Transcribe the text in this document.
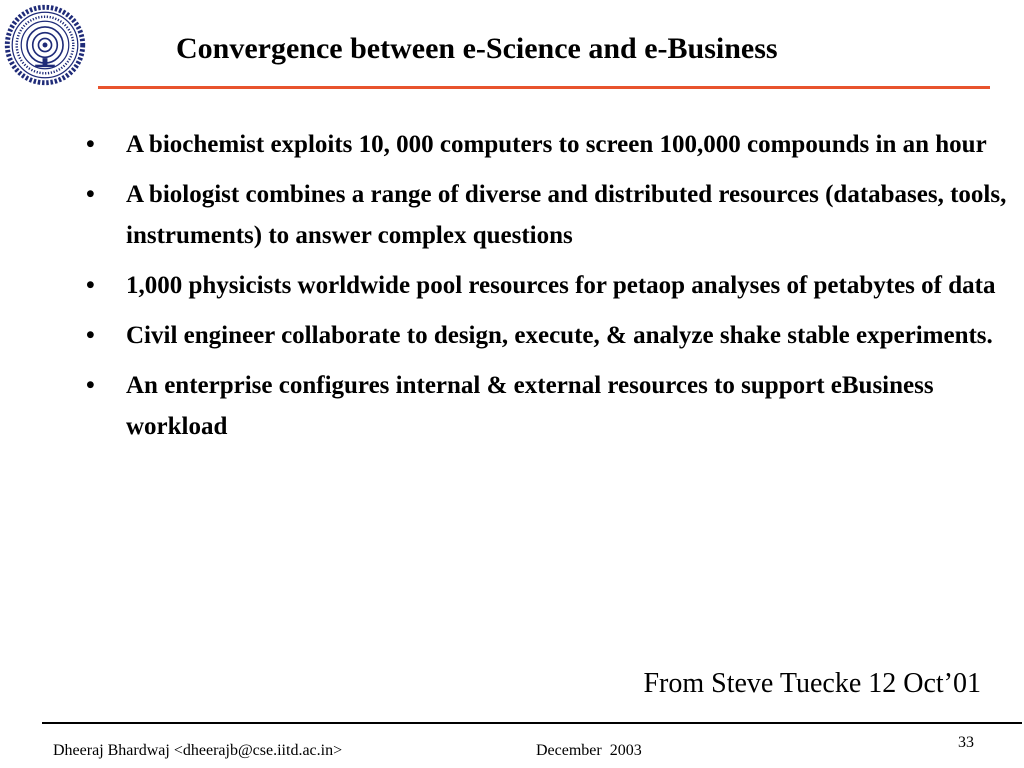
Convergence between e-Science and e-Business
• A biochemist exploits 10, 000 computers to screen 100,000 compounds in an hour
• A biologist combines a range of diverse and distributed resources (databases, tools, instruments) to answer complex questions
• 1,000 physicists worldwide pool resources for petaop analyses of petabytes of data
• Civil engineer collaborate to design, execute, & analyze shake stable experiments.
• An enterprise configures internal & external resources to support eBusiness workload
From Steve Tuecke 12 Oct’01
Dheeraj Bhardwaj <dheerajb@cse.iitd.ac.in>	December  2003	33
